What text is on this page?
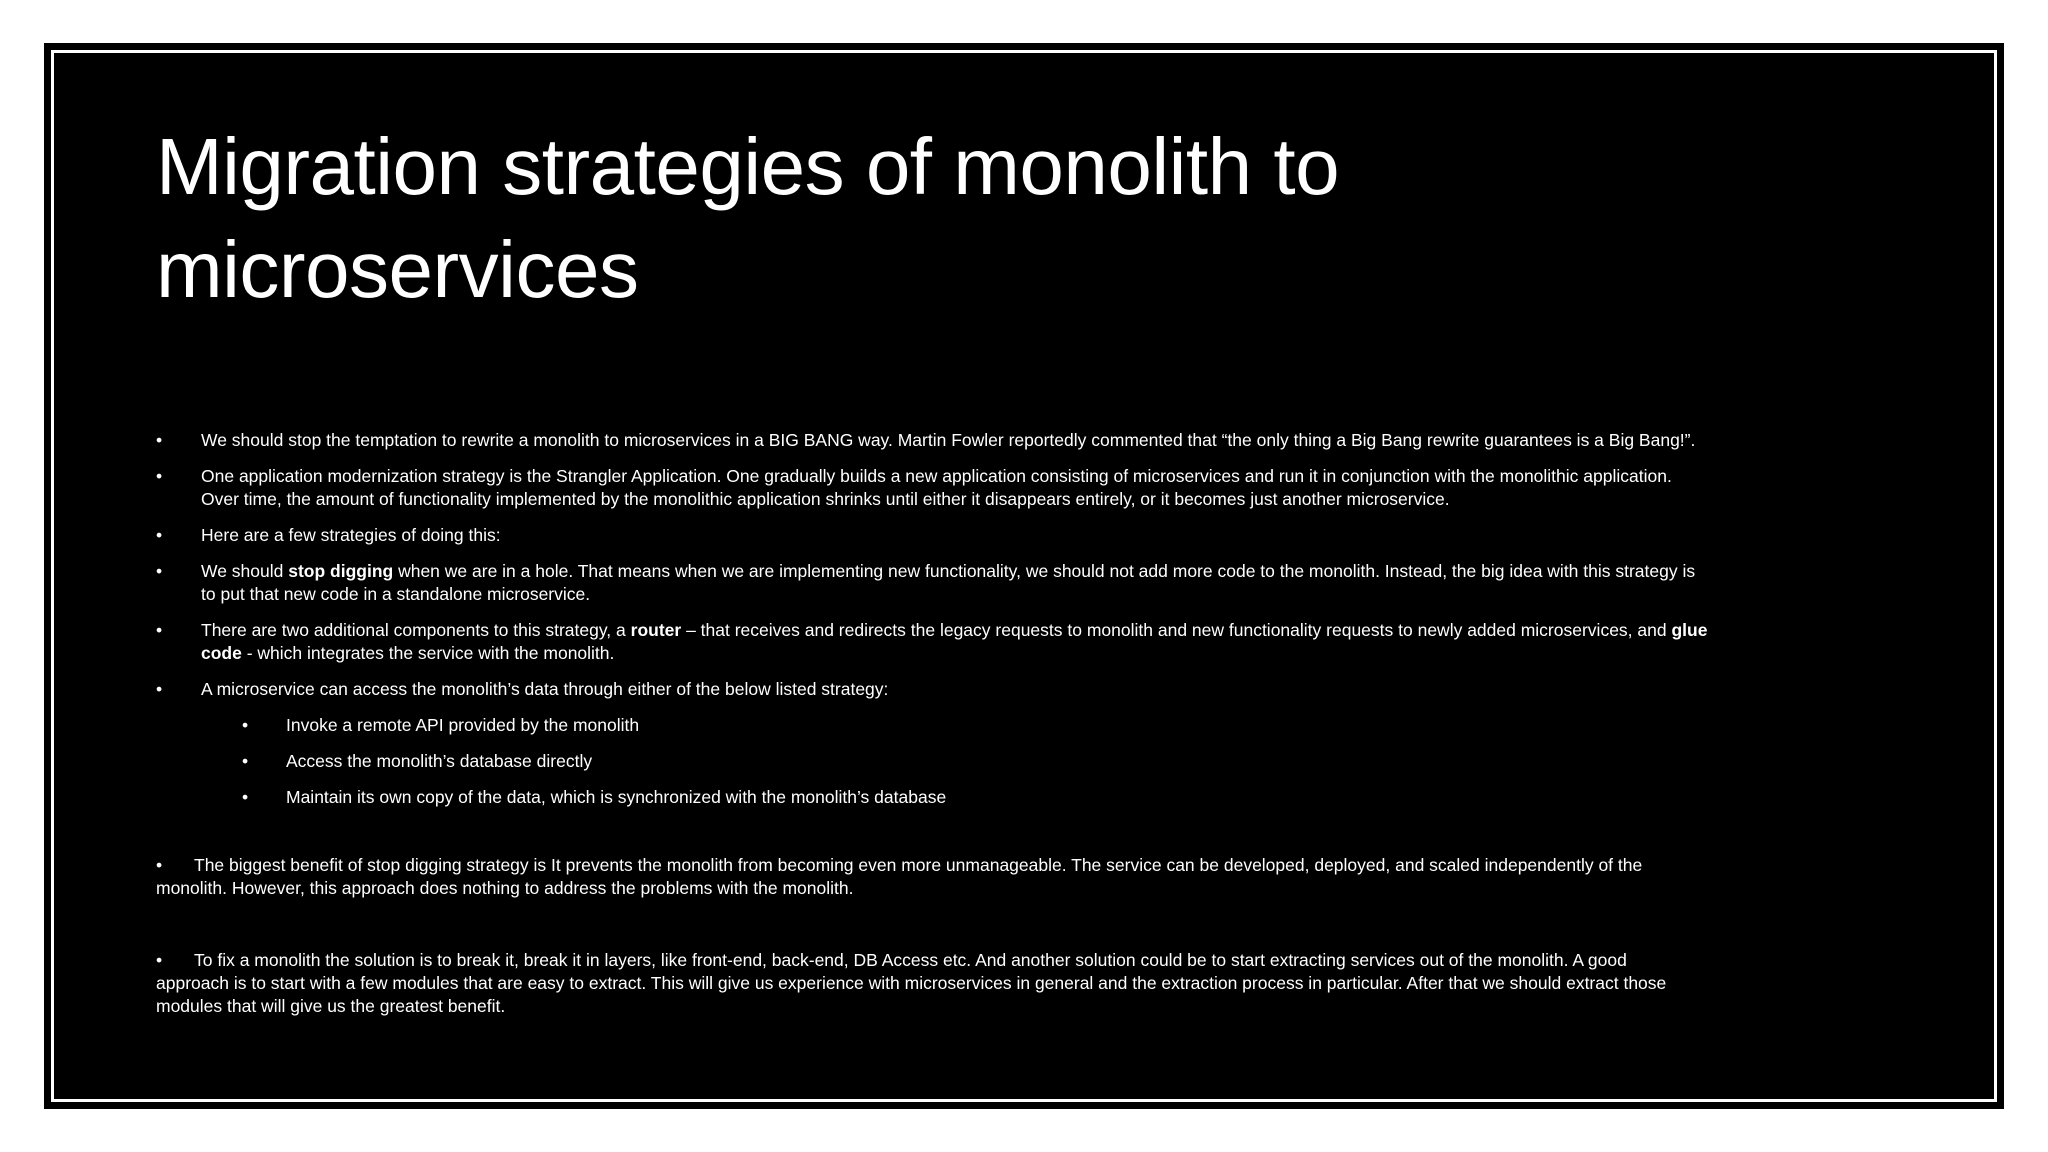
Migration strategies of monolith to microservices
•	We should stop the temptation to rewrite a monolith to microservices in a BIG BANG way. Martin Fowler reportedly commented that “the only thing a Big Bang rewrite guarantees is a Big Bang!”.
•	One application modernization strategy is the Strangler Application. One gradually builds a new application consisting of microservices and run it in conjunction with the monolithic application.
Over time, the amount of functionality implemented by the monolithic application shrinks until either it disappears entirely, or it becomes just another microservice.
•	Here are a few strategies of doing this:
•	We should stop digging when we are in a hole. That means when we are implementing new functionality, we should not add more code to the monolith. Instead, the big idea with this strategy is
to put that new code in a standalone microservice.
•	There are two additional components to this strategy, a router – that receives and redirects the legacy requests to monolith and new functionality requests to newly added microservices, and glue
code - which integrates the service with the monolith.
•	A microservice can access the monolith’s data through either of the below listed strategy:
• Invoke a remote API provided by the monolith
• Access the monolith’s database directly
• Maintain its own copy of the data, which is synchronized with the monolith’s database
• The biggest benefit of stop digging strategy is It prevents the monolith from becoming even more unmanageable. The service can be developed, deployed, and scaled independently of the
monolith. However, this approach does nothing to address the problems with the monolith.
• To fix a monolith the solution is to break it, break it in layers, like front-end, back-end, DB Access etc. And another solution could be to start extracting services out of the monolith. A good
approach is to start with a few modules that are easy to extract. This will give us experience with microservices in general and the extraction process in particular. After that we should extract those
modules that will give us the greatest benefit.
